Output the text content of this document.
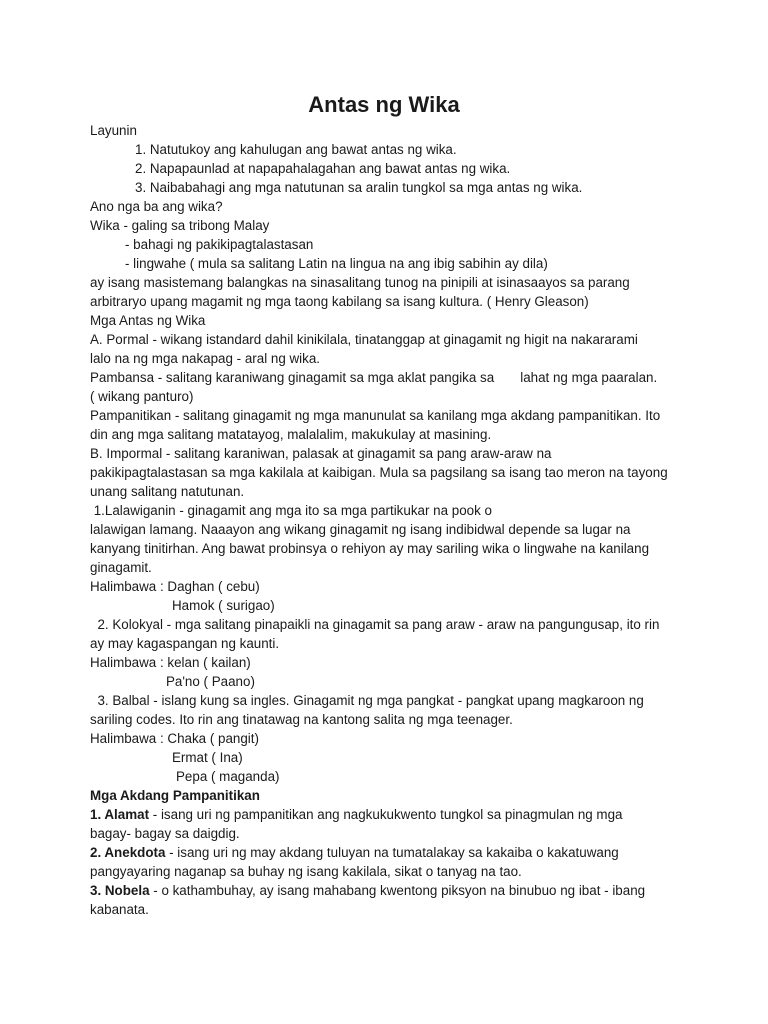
Antas ng Wika
Layunin
1. Natutukoy ang kahulugan ang bawat antas ng wika.
2. Napapaunlad at napapahalagahan ang bawat antas ng wika.
3. Naibabahagi ang mga natutunan sa aralin tungkol sa mga antas ng wika.
Ano nga ba ang wika?
Wika - galing sa tribong Malay
- bahagi ng pakikipagtalastasan
- lingwahe ( mula sa salitang Latin na lingua na ang ibig sabihin ay dila)
ay isang masistemang balangkas na sinasalitang tunog na pinipili at isinasaayos sa parang
arbitraryo upang magamit ng mga taong kabilang sa isang kultura. ( Henry Gleason)
Mga Antas ng Wika
A. Pormal - wikang istandard dahil kinikilala, tinatanggap at ginagamit ng higit na nakararami
lalo na ng mga nakapag - aral ng wika.
Pambansa - salitang karaniwang ginagamit sa mga aklat pangika sa       lahat ng mga paaralan.
( wikang panturo)
Pampanitikan - salitang ginagamit ng mga manunulat sa kanilang mga akdang pampanitikan. Ito
din ang mga salitang matatayog, malalalim, makukulay at masining.
B. Impormal - salitang karaniwan, palasak at ginagamit sa pang araw-araw na
pakikipagtalastasan sa mga kakilala at kaibigan. Mula sa pagsilang sa isang tao meron na tayong
unang salitang natutunan.
1.Lalawiganin - ginagamit ang mga ito sa mga partikukar na pook o
lalawigan lamang. Naaayon ang wikang ginagamit ng isang indibidwal depende sa lugar na
kanyang tinitirhan. Ang bawat probinsya o rehiyon ay may sariling wika o lingwahe na kanilang
ginagamit.
Halimbawa : Daghan ( cebu)
Hamok ( surigao)
2. Kolokyal - mga salitang pinapaikli na ginagamit sa pang araw - araw na pangungusap, ito rin
ay may kagaspangan ng kaunti.
Halimbawa : kelan ( kailan)
Pa'no ( Paano)
3. Balbal - islang kung sa ingles. Ginagamit ng mga pangkat - pangkat upang magkaroon ng
sariling codes. Ito rin ang tinatawag na kantong salita ng mga teenager.
Halimbawa : Chaka ( pangit)
Ermat ( Ina)
Pepa ( maganda)
Mga Akdang Pampanitikan
1. Alamat - isang uri ng pampanitikan ang nagkukukwento tungkol sa pinagmulan ng mga
bagay- bagay sa daigdig.
2. Anekdota - isang uri ng may akdang tuluyan na tumatalakay sa kakaiba o kakatuwang
pangyayaring naganap sa buhay ng isang kakilala, sikat o tanyag na tao.
3. Nobela - o kathambuhay, ay isang mahabang kwentong piksyon na binubuo ng ibat - ibang
kabanata.
